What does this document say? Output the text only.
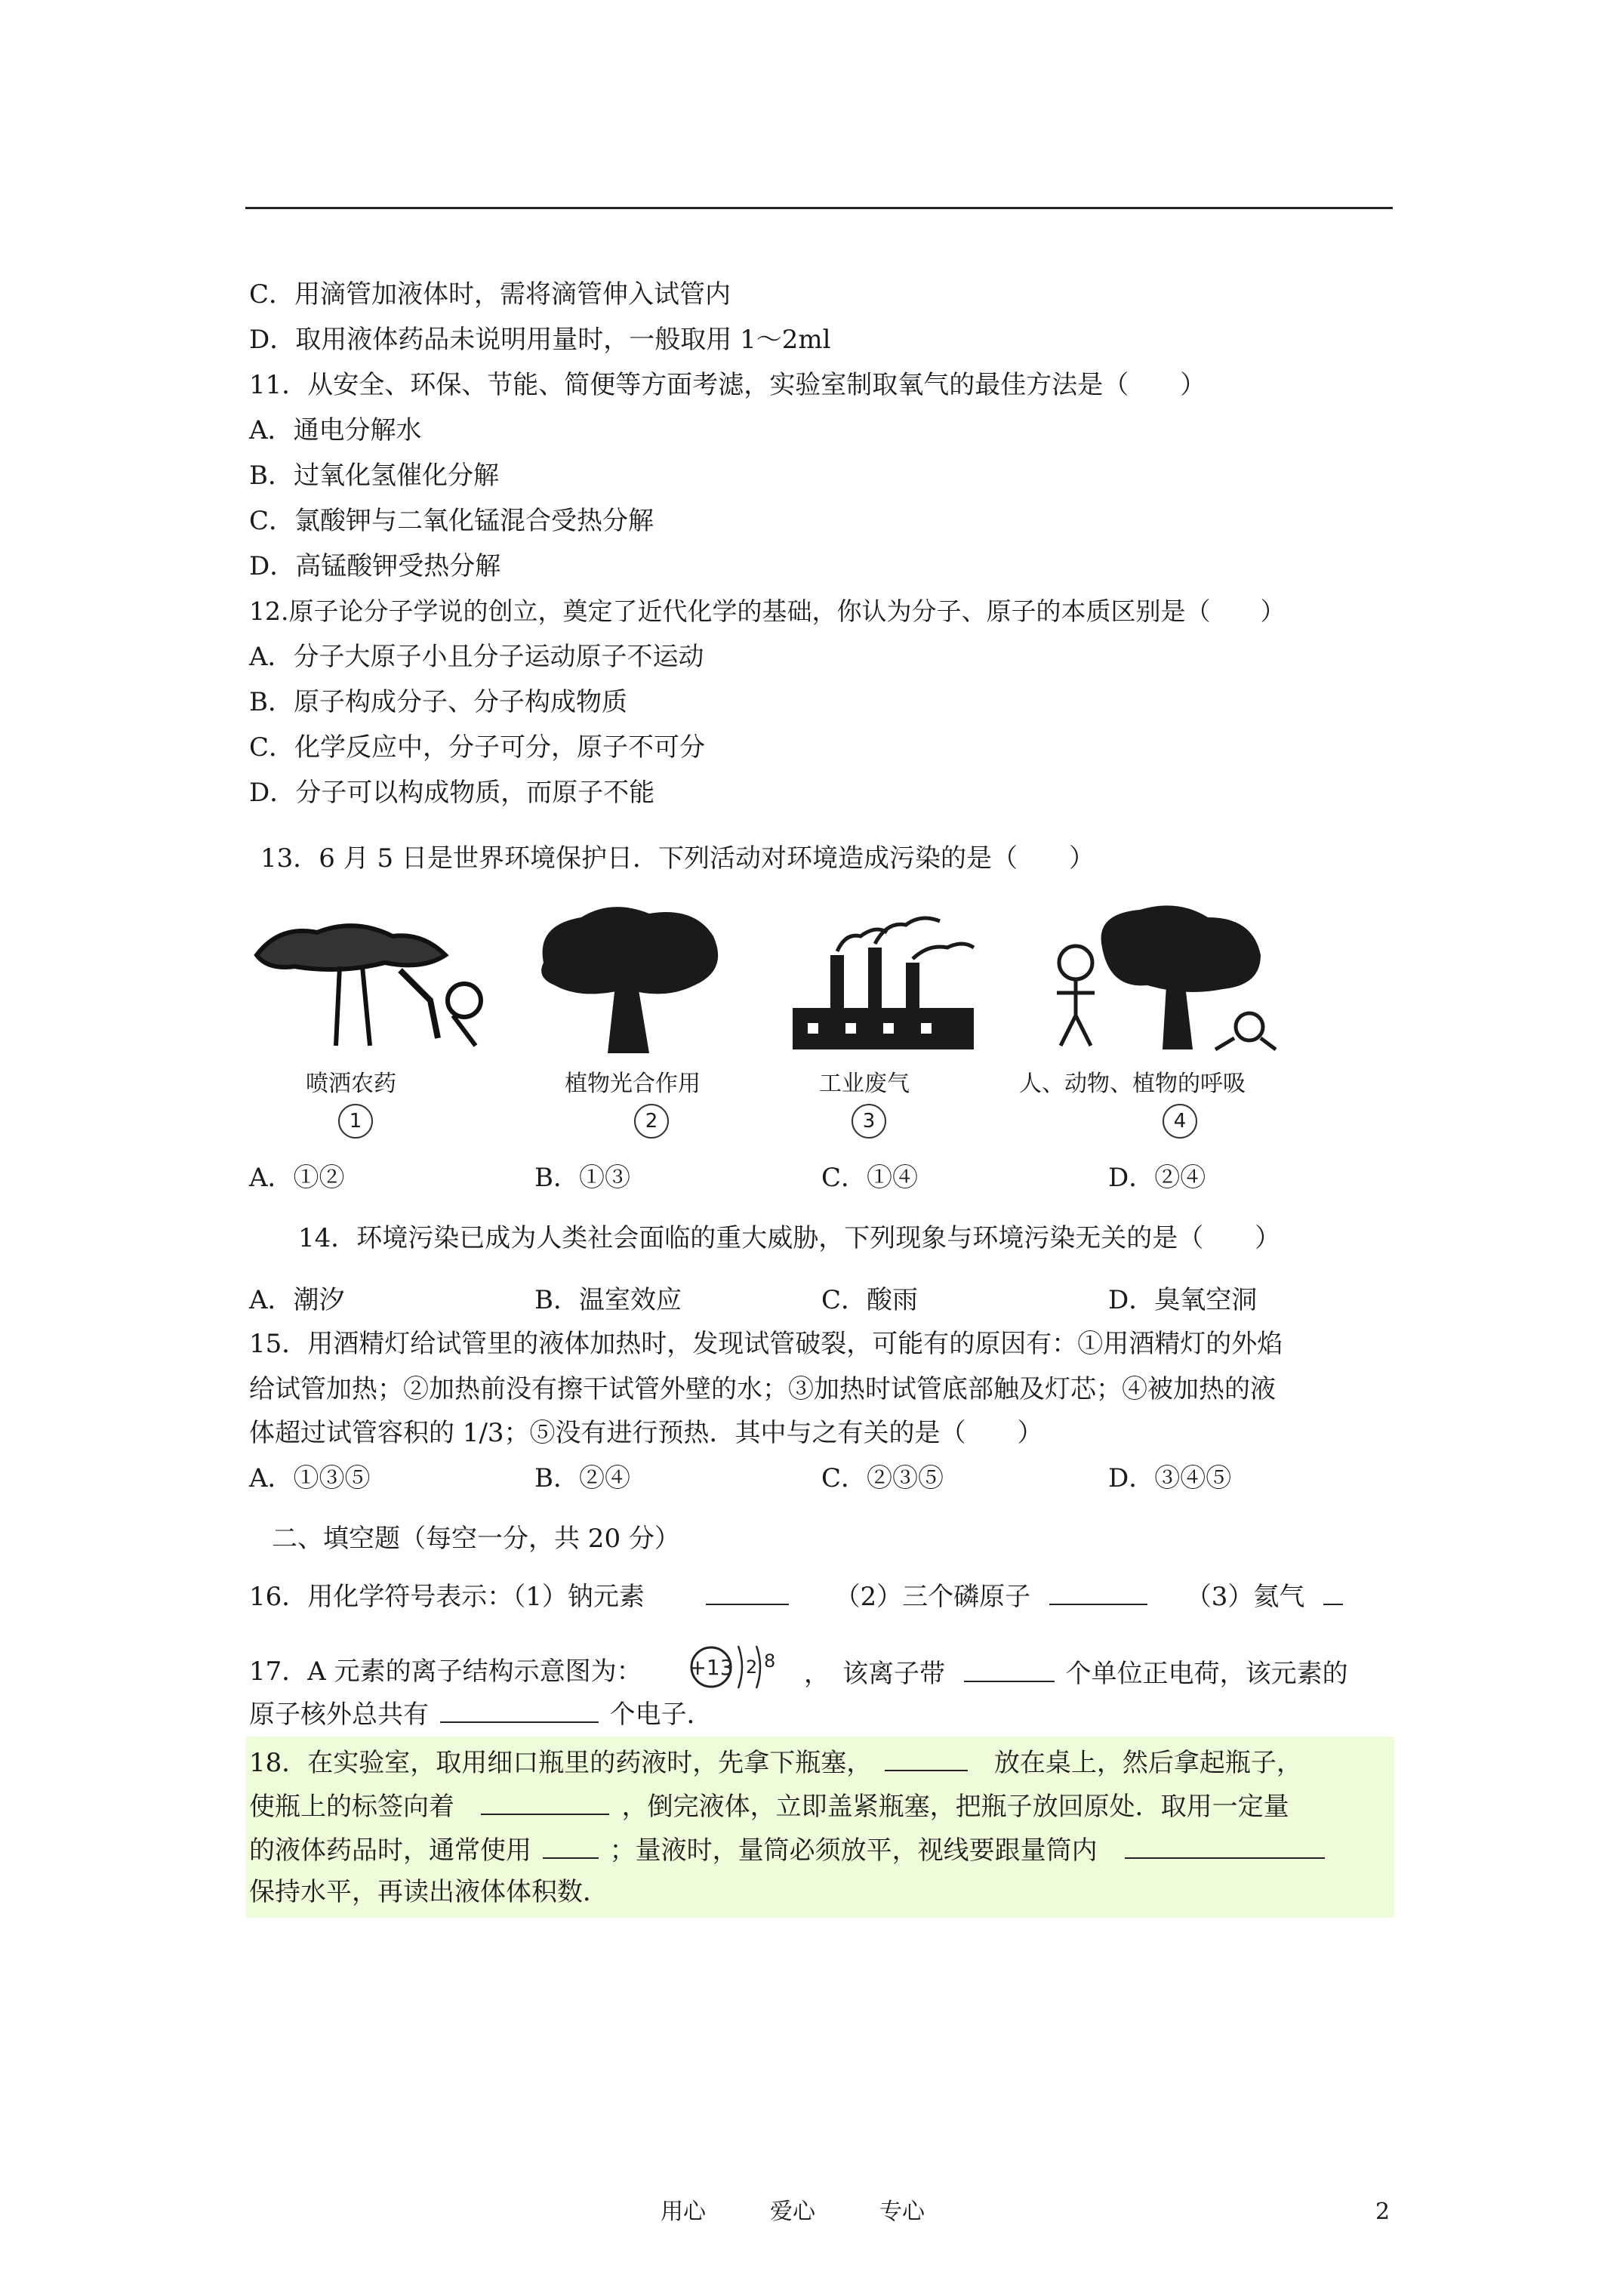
C．用滴管加液体时，需将滴管伸入试管内
D．取用液体药品未说明用量时，一般取用 1～2ml
11．从安全、环保、节能、简便等方面考滤，实验室制取氧气的最佳方法是（　　）
A．通电分解水
B．过氧化氢催化分解
C．氯酸钾与二氧化锰混合受热分解
D．高锰酸钾受热分解
12.原子论分子学说的创立，奠定了近代化学的基础，你认为分子、原子的本质区别是（　　）
A．分子大原子小且分子运动原子不运动
B．原子构成分子、分子构成物质
C．化学反应中，分子可分，原子不可分
D．分子可以构成物质，而原子不能
13．6 月 5 日是世界环境保护日．下列活动对环境造成污染的是（　　）
喷洒农药	植物光合作用	工业废气	人、动物、植物的呼吸
1	2	3	4
A．①②	B．①③	C．①④	D．②④
14．环境污染已成为人类社会面临的重大威胁，下列现象与环境污染无关的是（　　）
A．潮汐	B．温室效应	C．酸雨	D．臭氧空洞
15．用酒精灯给试管里的液体加热时，发现试管破裂，可能有的原因有：①用酒精灯的外焰
给试管加热；②加热前没有擦干试管外壁的水；③加热时试管底部触及灯芯；④被加热的液
体超过试管容积的 1/3；⑤没有进行预热．其中与之有关的是（　　）
A．①③⑤	B．②④	C．②③⑤	D．③④⑤
二、填空题（每空一分，共 20 分）
16．用化学符号表示：（1）钠元素	（2）三个磷原子	（3）氦气
17．A 元素的离子结构示意图为： +13 2 8 ，　该离子带	个单位正电荷，该元素的
原子核外总共有	个电子．
18．在实验室，取用细口瓶里的药液时，先拿下瓶塞，	放在桌上，然后拿起瓶子，
使瓶上的标签向着	，倒完液体，立即盖紧瓶塞，把瓶子放回原处．取用一定量
的液体药品时，通常使用	；量液时，量筒必须放平，视线要跟量筒内
保持水平，再读出液体体积数．
用心	爱心	专心	2
